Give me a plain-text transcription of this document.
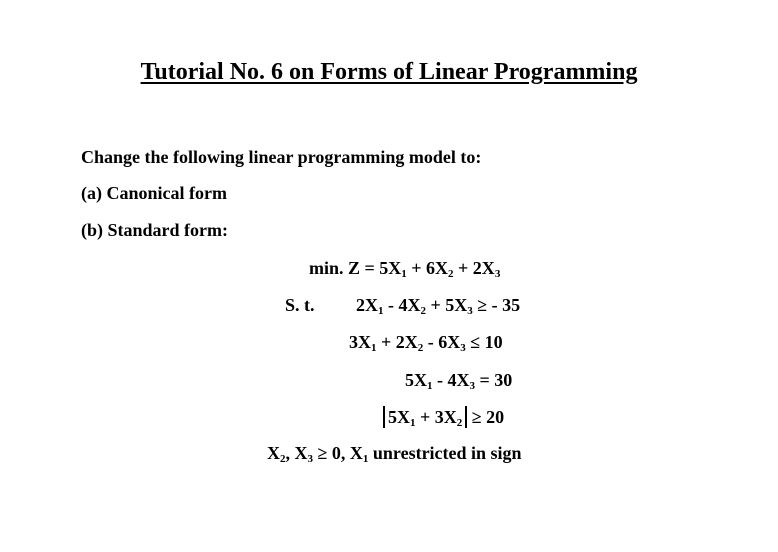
Tutorial No. 6 on Forms of Linear Programming
Change the following linear programming model to:
(a) Canonical form
(b) Standard form:
min. $Z = 5X_1 + 6X_2 + 2X_3$
S. t. $2X_1 - 4X_2 + 5X_3$ ≥ - 35
$3X_1 + 2X_2 - 6X_3 \le 10$
$5X_1 - 4X_3 = 30$
$5X_1 + 3X_2 \ge 20$
$X_2$, $X_3 \ge 0$, $X_1$ unrestricted in sign
